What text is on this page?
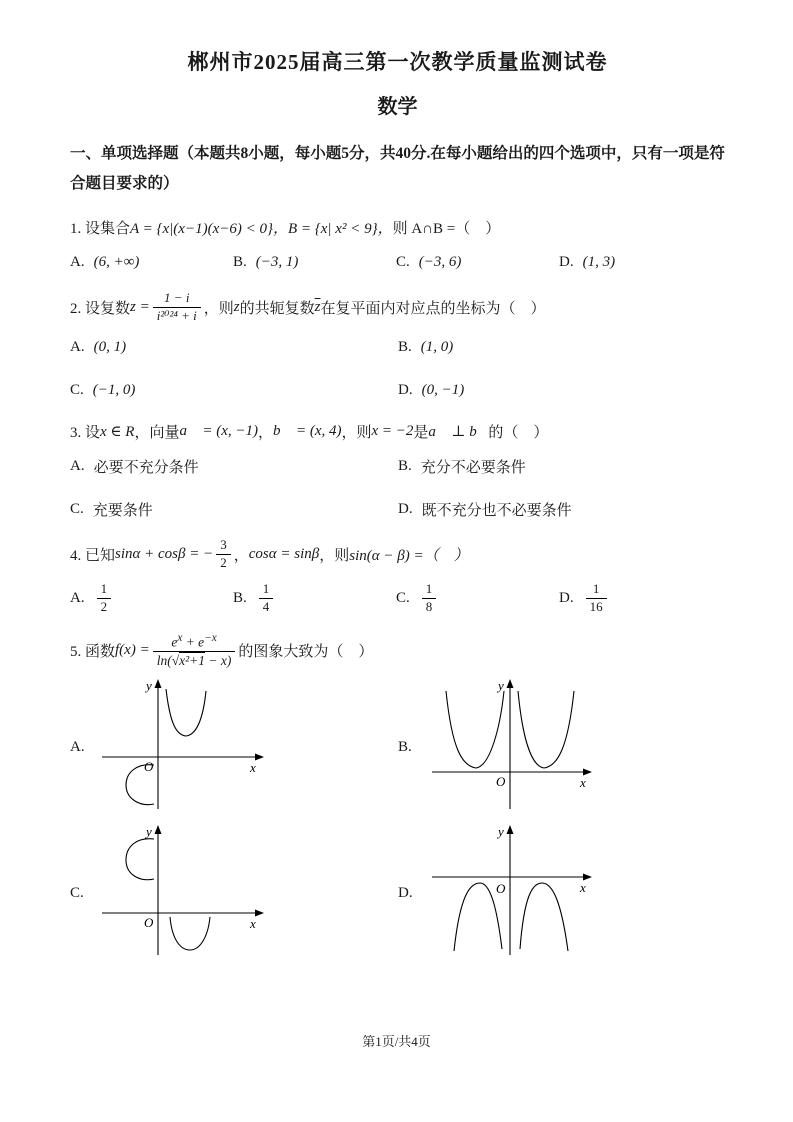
郴州市2025届高三第一次教学质量监测试卷
数学

一、单项选择题（本题共8小题，每小题5分，共40分.在每小题给出的四个选项中，只有一项是符合题目要求的）

1. 设集合 A = {x|(x−1)(x−6) < 0}， B = {x| x² < 9}， 则 A∩B =（　）
A. (6, +∞)	B. (−3, 1)	C. (−3, 6)	D. (1, 3)
2. 设复数 $z = \frac{1 - i}{\text{i²⁰²⁴ + i}}$ ，则 z 的共轭复数 $\overline{z}$ 在复平面内对应点的坐标为（　）
A. (0, 1)	B. (1, 0)
C. (−1, 0)	D. (0, −1)
3. 设 x ∈ R ，向量 a⃗ = (x, −1) ， b⃗ = (x, 4) ，则 x = −2 是 a⃗ ⊥ b⃗ 的（　）
A. 必要不充分条件	B. 充分不必要条件
C. 充要条件	D. 既不充分也不必要条件
4. 已知 sinα + cosβ = − $\frac{3}{2}$ ， cosα = sinβ ，则 sin(α − β) =（　）
A. $\frac{1}{2}$	B. $\frac{1}{4}$	C. $\frac{1}{8}$	D. $\frac{1}{16}$
5. 函数 $f(x) = \frac{e^x + e^{-x}}{\text{ln(√x²+1 − x)}}$ 的图象大致为（　）
A.
O	x
y
B.
O	x
y
C.
O	x
y
D.	O	x
y
第1页/共4页
